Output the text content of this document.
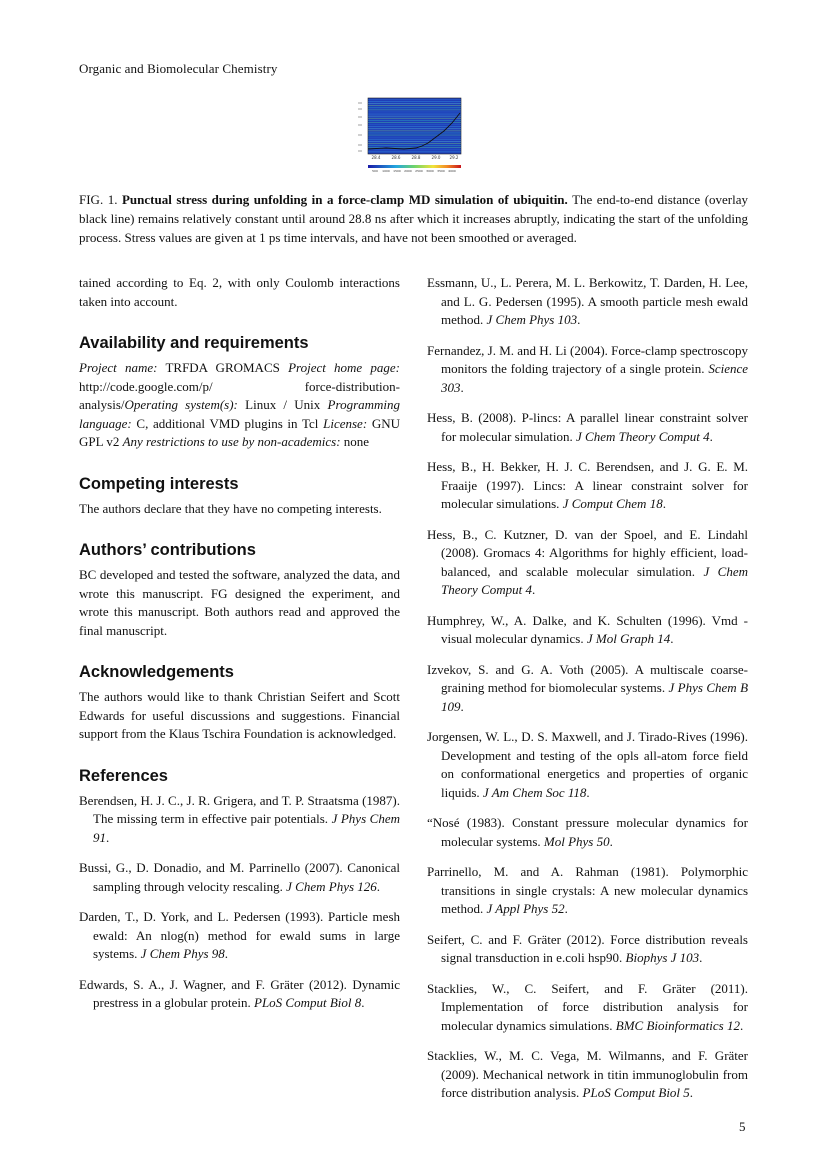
Organic and Biomolecular Chemistry
28.4	28.6	28.8	29.0 29.2
500 1000 1500 2000 2500 3000 3500 4000
FIG. 1. Punctual stress during unfolding in a force-clamp MD simulation of ubiquitin. The end-to-end distance (overlay black line) remains relatively constant until around 28.8 ns after which it increases abruptly, indicating the start of the unfolding process. Stress values are given at 1 ps time intervals, and have not been smoothed or averaged.

tained according to Eq. 2, with only Coulomb interactions taken into account.

Availability and requirements

Project name: TRFDA GROMACS Project home page: http://code.google.com/p/ force-distribution-analysis/Operating system(s): Linux / Unix Programming language: C, additional VMD plugins in Tcl License: GNU GPL v2 Any restrictions to use by non-academics: none

Competing interests

The authors declare that they have no competing interests.

Authors’ contributions

BC developed and tested the software, analyzed the data, and wrote this manuscript. FG designed the experiment, and wrote this manuscript. Both authors read and approved the final manuscript.

Acknowledgements

The authors would like to thank Christian Seifert and Scott Edwards for useful discussions and suggestions. Financial support from the Klaus Tschira Foundation is acknowledged.

References

Berendsen, H. J. C., J. R. Grigera, and T. P. Straatsma (1987). The missing term in effective pair potentials. J Phys Chem 91.

Bussi, G., D. Donadio, and M. Parrinello (2007). Canonical sampling through velocity rescaling. J Chem Phys 126.

Darden, T., D. York, and L. Pedersen (1993). Particle mesh ewald: An nlog(n) method for ewald sums in large systems. J Chem Phys 98.

Edwards, S. A., J. Wagner, and F. Gräter (2012). Dynamic prestress in a globular protein. PLoS Comput Biol 8.

Essmann, U., L. Perera, M. L. Berkowitz, T. Darden, H. Lee, and L. G. Pedersen (1995). A smooth particle mesh ewald method. J Chem Phys 103.

Fernandez, J. M. and H. Li (2004). Force-clamp spectroscopy monitors the folding trajectory of a single protein. Science 303.

Hess, B. (2008). P-lincs: A parallel linear constraint solver for molecular simulation. J Chem Theory Comput 4.

Hess, B., H. Bekker, H. J. C. Berendsen, and J. G. E. M. Fraaije (1997). Lincs: A linear constraint solver for molecular simulations. J Comput Chem 18.

Hess, B., C. Kutzner, D. van der Spoel, and E. Lindahl (2008). Gromacs 4: Algorithms for highly efficient, load-balanced, and scalable molecular simulation. J Chem Theory Comput 4.

Humphrey, W., A. Dalke, and K. Schulten (1996). Vmd - visual molecular dynamics. J Mol Graph 14.

Izvekov, S. and G. A. Voth (2005). A multiscale coarse-graining method for biomolecular systems. J Phys Chem B 109.

Jorgensen, W. L., D. S. Maxwell, and J. Tirado-Rives (1996). Development and testing of the opls all-atom force field on conformational energetics and properties of organic liquids. J Am Chem Soc 118.

“Nosé (1983). Constant pressure molecular dynamics for molecular systems. Mol Phys 50.

Parrinello, M. and A. Rahman (1981). Polymorphic transitions in single crystals: A new molecular dynamics method. J Appl Phys 52.

Seifert, C. and F. Gräter (2012). Force distribution reveals signal transduction in e.coli hsp90. Biophys J 103.

Stacklies, W., C. Seifert, and F. Gräter (2011). Implementation of force distribution analysis for molecular dynamics simulations. BMC Bioinformatics 12.

Stacklies, W., M. C. Vega, M. Wilmanns, and F. Gräter (2009). Mechanical network in titin immunoglobulin from force distribution analysis. PLoS Comput Biol 5.

5
